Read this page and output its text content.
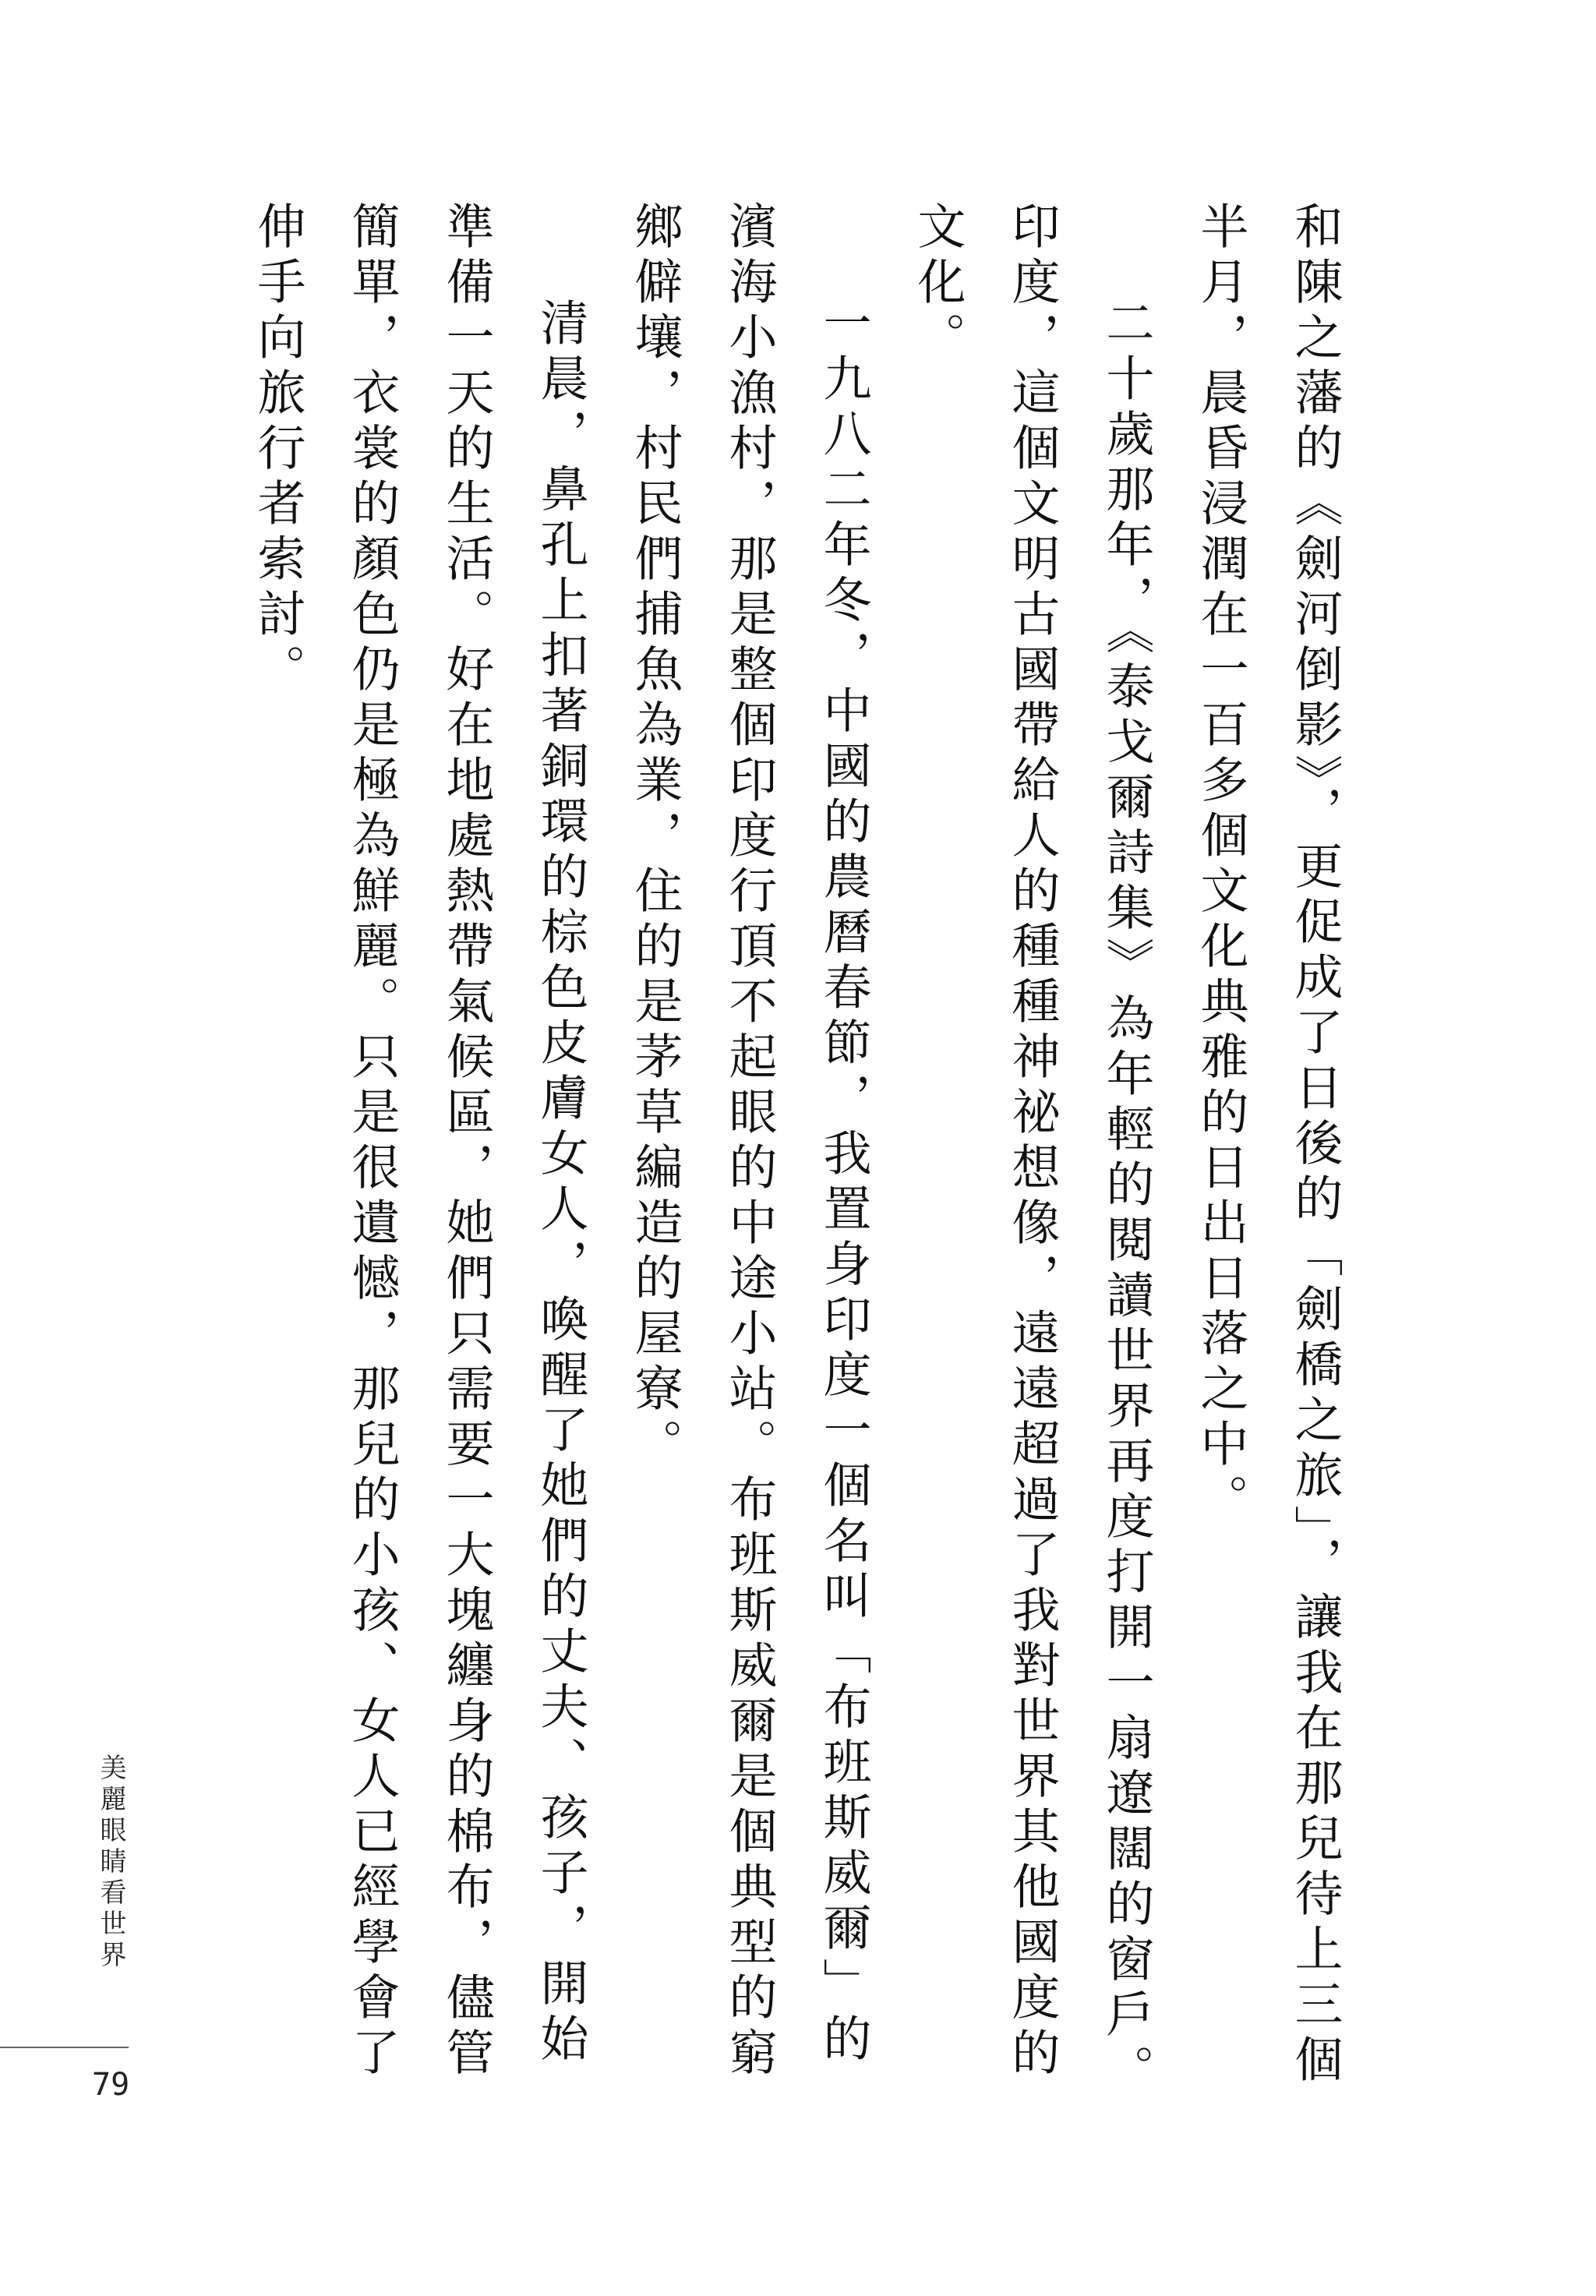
和陳之藩的《劍河倒影》，更促成了日後的「劍橋之旅」，讓我在那兒待上三個半月，晨昏浸潤在一百多個文化典雅的日出日落之中。

二十歲那年，《泰戈爾詩集》為年輕的閱讀世界再度打開一扇遼闊的窗戶。印度，這個文明古國帶給人的種種神祕想像，遠遠超過了我對世界其他國度的文化。

一九八二年冬，中國的農曆春節，我置身印度一個名叫「布班斯威爾」的濱海小漁村，那是整個印度行頂不起眼的中途小站。布班斯威爾是個典型的窮鄉僻壤，村民們捕魚為業，住的是茅草編造的屋寮。

清晨，鼻孔上扣著銅環的棕色皮膚女人，喚醒了她們的丈夫、孩子，開始準備一天的生活。好在地處熱帶氣候區，她們只需要一大塊纏身的棉布，儘管簡單，衣裳的顏色仍是極為鮮麗。只是很遺憾，那兒的小孩、女人已經學會了伸手向旅行者索討。

美麗眼睛看世界
79
